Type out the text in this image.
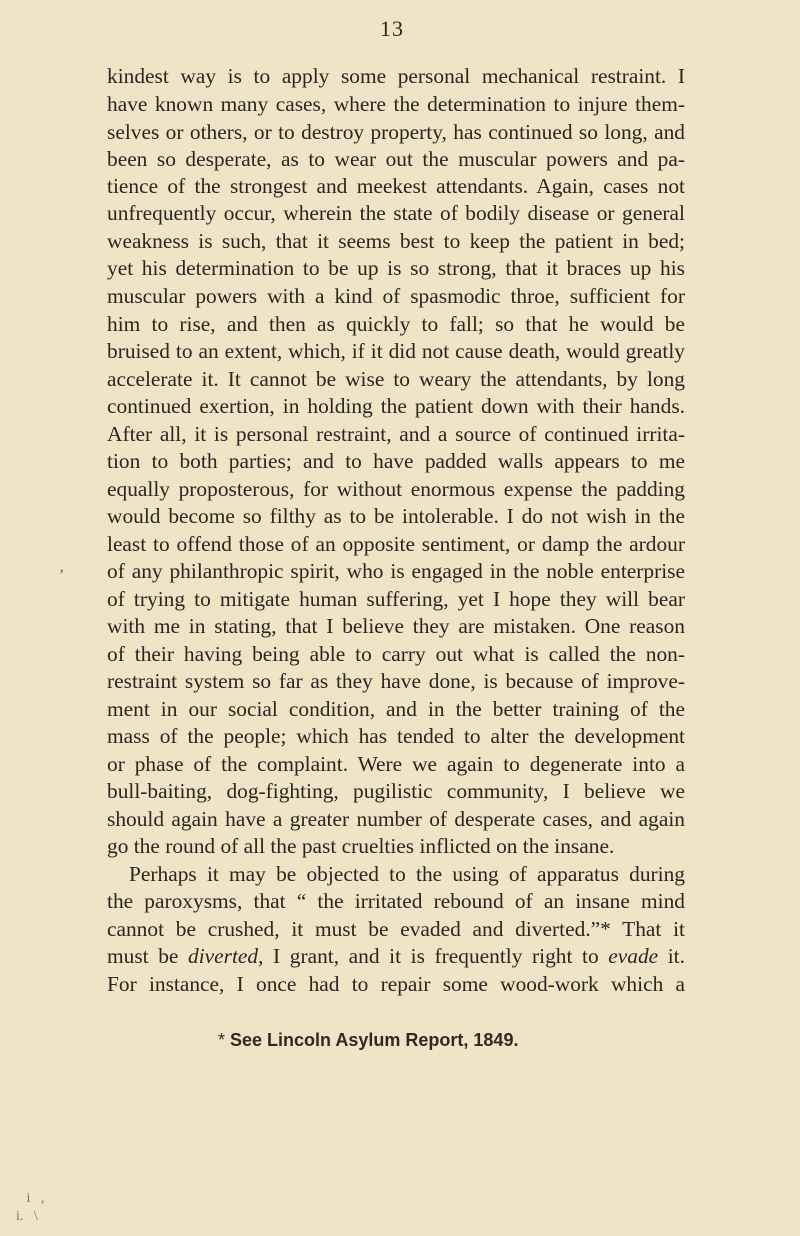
13
kindest way is to apply some personal mechanical restraint. I
have known many cases, where the determination to injure them-
selves or others, or to destroy property, has continued so long, and
been so desperate, as to wear out the muscular powers and pa-
tience of the strongest and meekest attendants. Again, cases not
unfrequently occur, wherein the state of bodily disease or general
weakness is such, that it seems best to keep the patient in bed;
yet his determination to be up is so strong, that it braces up his
muscular powers with a kind of spasmodic throe, sufficient for
him to rise, and then as quickly to fall; so that he would be
bruised to an extent, which, if it did not cause death, would greatly
accelerate it. It cannot be wise to weary the attendants, by long
continued exertion, in holding the patient down with their hands.
After all, it is personal restraint, and a source of continued irrita-
tion to both parties; and to have padded walls appears to me
equally proposterous, for without enormous expense the padding
would become so filthy as to be intolerable. I do not wish in the
least to offend those of an opposite sentiment, or damp the ardour
of any philanthropic spirit, who is engaged in the noble enterprise
of trying to mitigate human suffering, yet I hope they will bear
with me in stating, that I believe they are mistaken. One reason
of their having being able to carry out what is called the non-
restraint system so far as they have done, is because of improve-
ment in our social condition, and in the better training of the
mass of the people; which has tended to alter the development
or phase of the complaint. Were we again to degenerate into a
bull-baiting, dog-fighting, pugilistic community, I believe we
should again have a greater number of desperate cases, and again
go the round of all the past cruelties inflicted on the insane.
Perhaps it may be objected to the using of apparatus during
the paroxysms, that “ the irritated rebound of an insane mind
cannot be crushed, it must be evaded and diverted.”* That it
must be diverted, I grant, and it is frequently right to evade it.
For instance, I once had to repair some wood-work which a
* See Lincoln Asylum Report, 1849.
’
i   ,
i.   \
